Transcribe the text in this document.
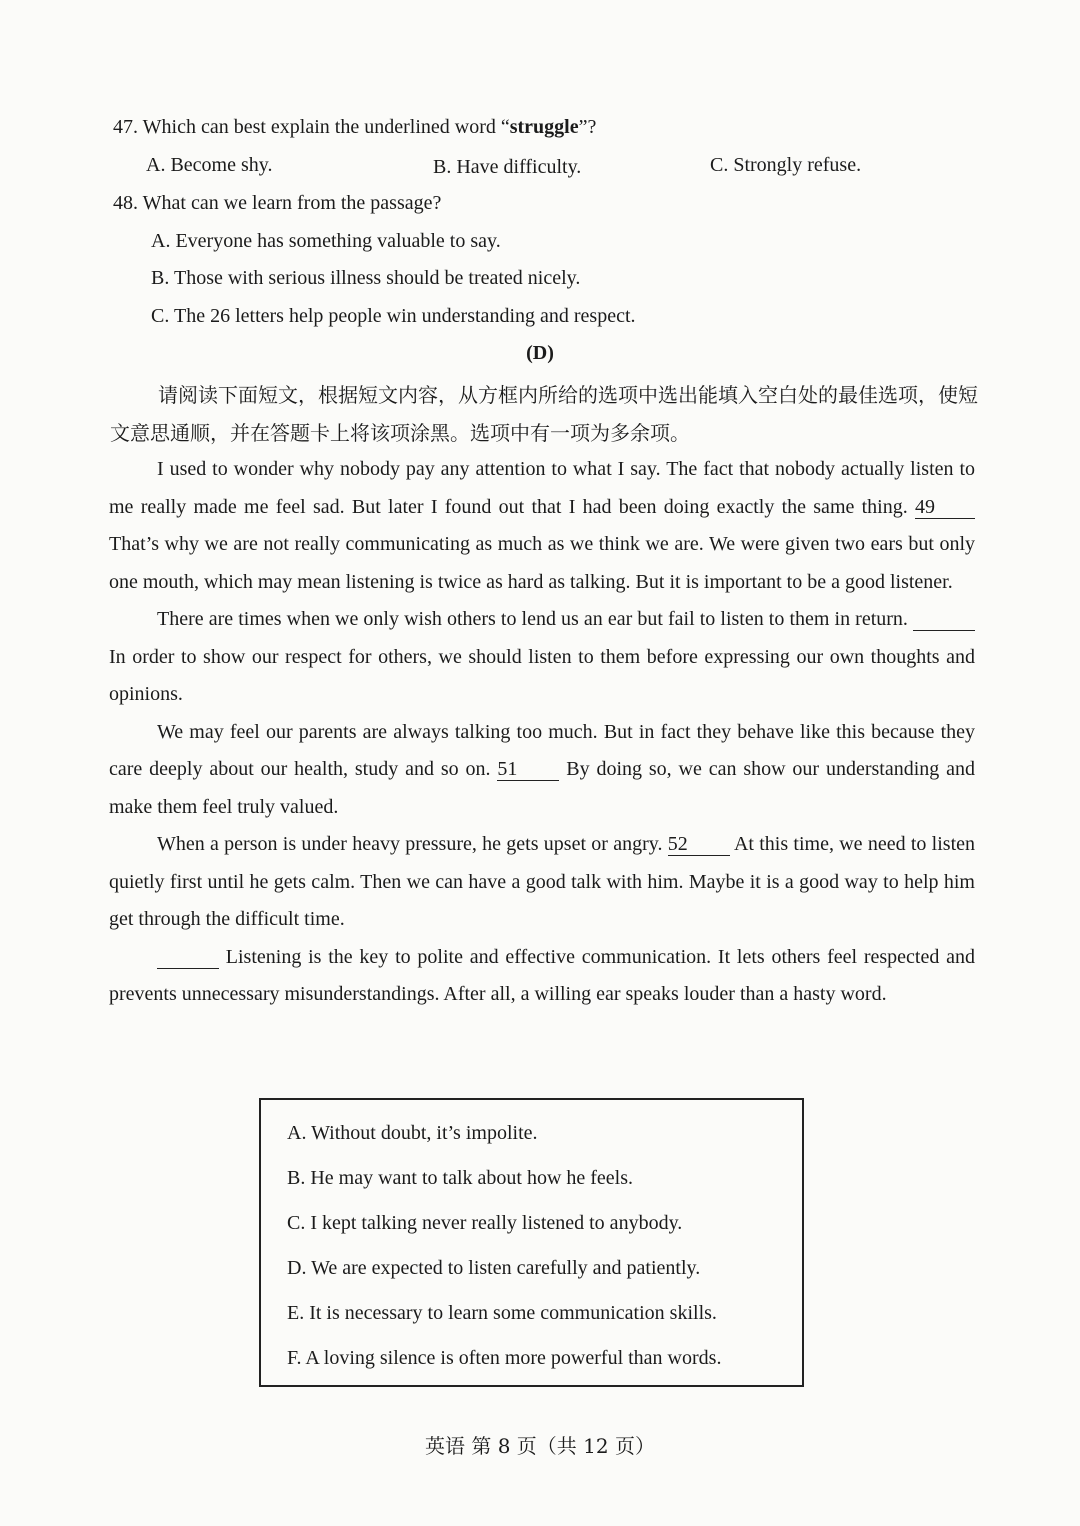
47. Which can best explain the underlined word “struggle”?

A. Become shy.	B. Have difficulty.	C. Strongly refuse.

48. What can we learn from the passage?

A. Everyone has something valuable to say.

B. Those with serious illness should be treated nicely.

C. The 26 letters help people win understanding and respect.

(D)

请阅读下面短文，根据短文内容，从方框内所给的选项中选出能填入空白处的最佳选项，使短文意思通顺，并在答题卡上将该项涂黑。选项中有一项为多余项。

I used to wonder why nobody pay any attention to what I say. The fact that nobody actually listen to me really made me feel sad. But later I found out that I had been doing exactly the same thing. 49 That’s why we are not really communicating as much as we think we are. We were given two ears but only one mouth, which may mean listening is twice as hard as talking. But it is important to be a good listener.

There are times when we only wish others to lend us an ear but fail to listen to them in return.   In order to show our respect for others, we should listen to them before expressing our own thoughts and opinions.

We may feel our parents are always talking too much. But in fact they behave like this because they care deeply about our health, study and so on. 51 By doing so, we can show our understanding and make them feel truly valued.

When a person is under heavy pressure, he gets upset or angry. 52 At this time, we need to listen quietly first until he gets calm. Then we can have a good talk with him. Maybe it is a good way to help him get through the difficult time.

Listening is the key to polite and effective communication. It lets others feel respected and prevents unnecessary misunderstandings. After all, a willing ear speaks louder than a hasty word.

A. Without doubt, it’s impolite.

B. He may want to talk about how he feels.

C. I kept talking never really listened to anybody.

D. We are expected to listen carefully and patiently.

E. It is necessary to learn some communication skills.

F. A loving silence is often more powerful than words.

英语 第 8 页（共 12 页）
